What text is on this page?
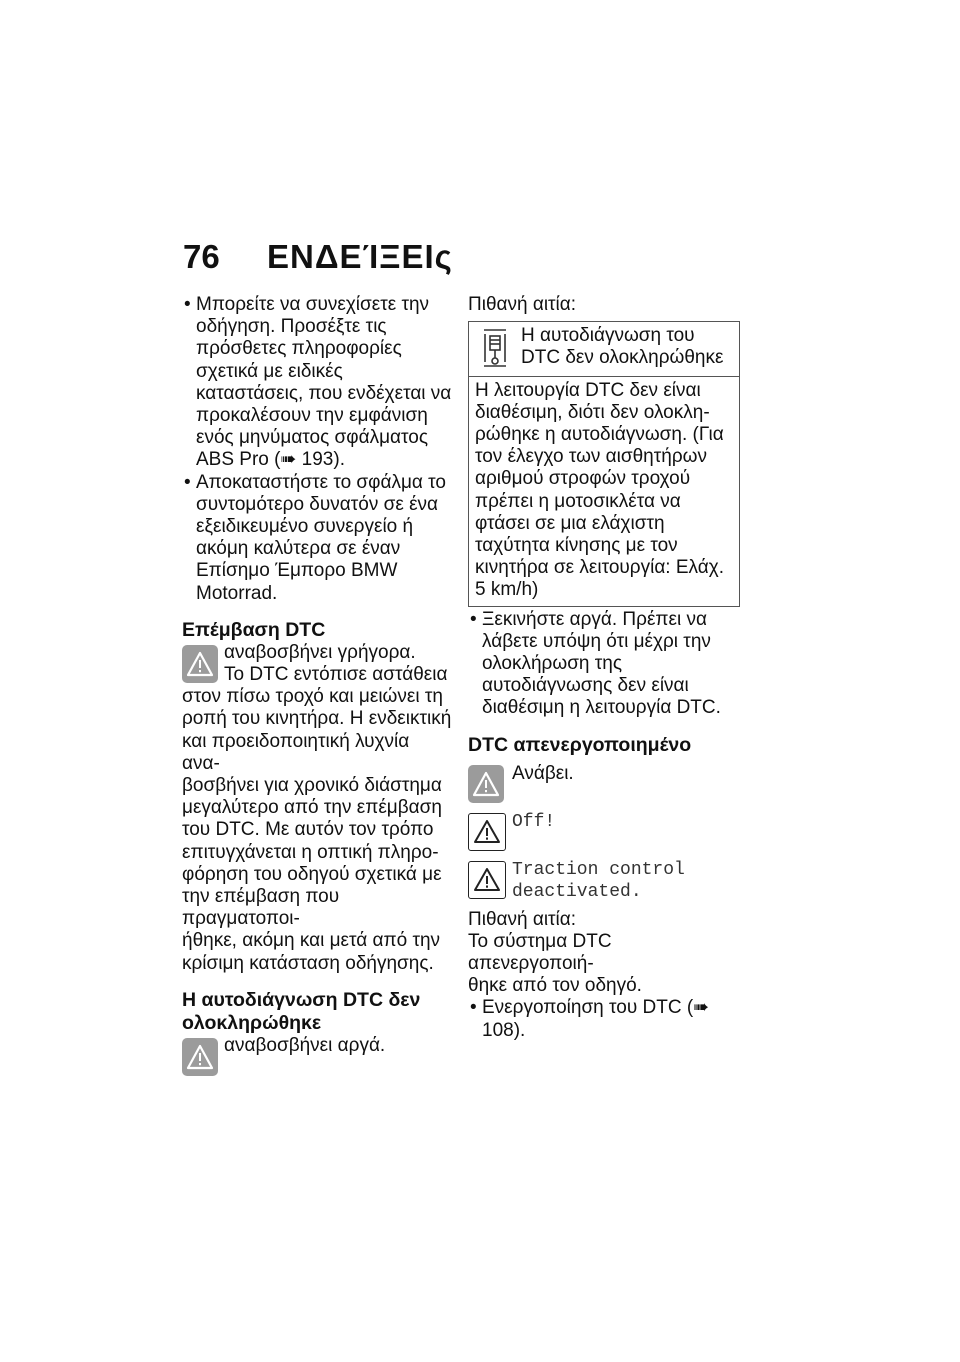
76 ΕΝΔΕΊΞΕΙς
• Μπορείτε να συνεχίσετε την οδήγηση. Προσέξτε τις πρόσθετες πληροφορίες σχετικά με ειδικές καταστάσεις, που ενδέχεται να προκαλέσουν την εμφάνιση ενός μηνύματος σφάλματος ABS Pro (➠ 193).
• Αποκαταστήστε το σφάλμα το συντομότερο δυνατόν σε ένα εξειδικευμένο συνεργείο ή ακόμη καλύτερα σε έναν Επίσημο Έμπορο BMW Motorrad.
Επέμβαση DTC
αναβοσβήνει γρήγορα.
Το DTC εντόπισε αστάθεια
στον πίσω τροχό και μειώνει τη
ροπή του κινητήρα. Η ενδεικτική
και προειδοποιητική λυχνία ανα-
βοσβήνει για χρονικό διάστημα
μεγαλύτερο από την επέμβαση
του DTC. Με αυτόν τον τρόπο
επιτυγχάνεται η οπτική πληρο-
φόρηση του οδηγού σχετικά με
την επέμβαση που πραγματοποι-
ήθηκε, ακόμη και μετά από την
κρίσιμη κατάσταση οδήγησης.
Η αυτοδιάγνωση DTC δεν
ολοκληρώθηκε
αναβοσβήνει αργά.
Πιθανή αιτία:
Η αυτοδιάγνωση του
DTC δεν ολοκληρώθηκε
Η λειτουργία DTC δεν είναι
διαθέσιμη, διότι δεν ολοκλη-
ρώθηκε η αυτοδιάγνωση. (Για
τον έλεγχο των αισθητήρων
αριθμού στροφών τροχού
πρέπει η μοτοσικλέτα να
φτάσει σε μια ελάχιστη
ταχύτητα κίνησης με τον
κινητήρα σε λειτουργία: Ελάχ.
5 km/h)
• Ξεκινήστε αργά. Πρέπει να λάβετε υπόψη ότι μέχρι την ολοκλήρωση της αυτοδιάγνωσης δεν είναι διαθέσιμη η λειτουργία DTC.
DTC απενεργοποιημένο
Ανάβει.
Off!
Traction control
deactivated.
Πιθανή αιτία:
Το σύστημα DTC απενεργοποιή-
θηκε από τον οδηγό.
• Ενεργοποίηση του DTC (➠ 108).
